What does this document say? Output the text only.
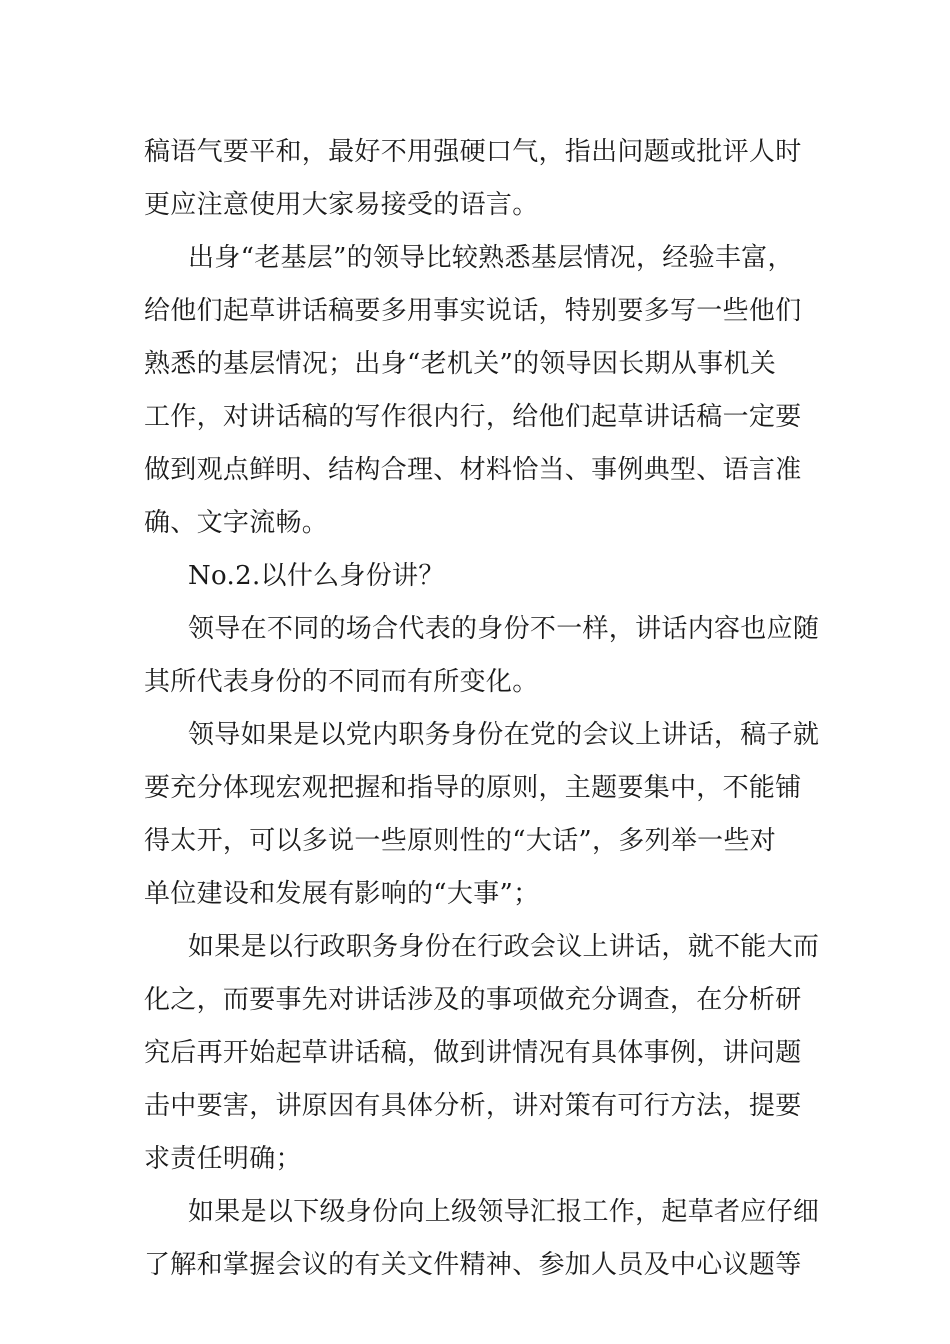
稿语气要平和，最好不用强硬口气，指出问题或批评人时
更应注意使用大家易接受的语言。
出身“老基层”的领导比较熟悉基层情况，经验丰富，
给他们起草讲话稿要多用事实说话，特别要多写一些他们
熟悉的基层情况；出身“老机关”的领导因长期从事机关
工作，对讲话稿的写作很内行，给他们起草讲话稿一定要
做到观点鲜明、结构合理、材料恰当、事例典型、语言准
确、文字流畅。
No.2.以什么身份讲？
领导在不同的场合代表的身份不一样，讲话内容也应随
其所代表身份的不同而有所变化。
领导如果是以党内职务身份在党的会议上讲话，稿子就
要充分体现宏观把握和指导的原则，主题要集中，不能铺
得太开，可以多说一些原则性的“大话”，多列举一些对
单位建设和发展有影响的“大事”；
如果是以行政职务身份在行政会议上讲话，就不能大而
化之，而要事先对讲话涉及的事项做充分调查，在分析研
究后再开始起草讲话稿，做到讲情况有具体事例，讲问题
击中要害，讲原因有具体分析，讲对策有可行方法，提要
求责任明确；
如果是以下级身份向上级领导汇报工作，起草者应仔细
了解和掌握会议的有关文件精神、参加人员及中心议题等
